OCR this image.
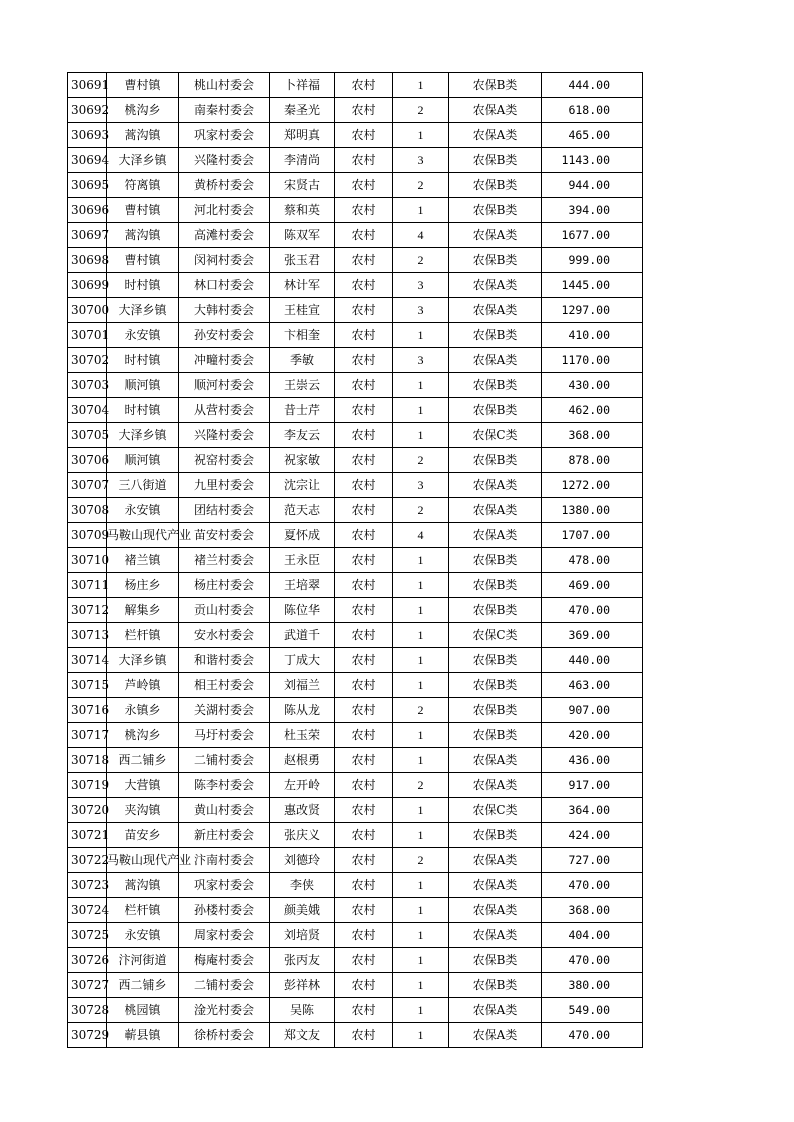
30691	曹村镇	桃山村委会	卜祥福	农村	1	农保B类	444.00
30692	桃沟乡	南秦村委会	秦圣光	农村	2	农保A类	618.00
30693	蒿沟镇	巩家村委会	郑明真	农村	1	农保A类	465.00
30694	大泽乡镇	兴隆村委会	李清尚	农村	3	农保B类	1143.00
30695	符离镇	黄桥村委会	宋贤古	农村	2	农保B类	944.00
30696	曹村镇	河北村委会	蔡和英	农村	1	农保B类	394.00
30697	蒿沟镇	高滩村委会	陈双军	农村	4	农保A类	1677.00
30698	曹村镇	闵祠村委会	张玉君	农村	2	农保B类	999.00
30699	时村镇	林口村委会	林计军	农村	3	农保A类	1445.00
30700	大泽乡镇	大韩村委会	王桂宣	农村	3	农保A类	1297.00
30701	永安镇	孙安村委会	卞相奎	农村	1	农保B类	410.00
30702	时村镇	冲疃村委会	季敏	农村	3	农保A类	1170.00
30703	顺河镇	顺河村委会	王崇云	农村	1	农保B类	430.00
30704	时村镇	从营村委会	昔士芹	农村	1	农保B类	462.00
30705	大泽乡镇	兴隆村委会	李友云	农村	1	农保C类	368.00
30706	顺河镇	祝窑村委会	祝家敏	农村	2	农保B类	878.00
30707	三八街道	九里村委会	沈宗让	农村	3	农保A类	1272.00
30708	永安镇	团结村委会	范天志	农村	2	农保A类	1380.00
30709	马鞍山现代产业	苗安村委会	夏怀成	农村	4	农保A类	1707.00
30710	褚兰镇	褚兰村委会	王永臣	农村	1	农保B类	478.00
30711	杨庄乡	杨庄村委会	王培翠	农村	1	农保B类	469.00
30712	解集乡	贡山村委会	陈位华	农村	1	农保B类	470.00
30713	栏杆镇	安水村委会	武道千	农村	1	农保C类	369.00
30714	大泽乡镇	和谐村委会	丁成大	农村	1	农保B类	440.00
30715	芦岭镇	相王村委会	刘福兰	农村	1	农保B类	463.00
30716	永镇乡	关湖村委会	陈从龙	农村	2	农保B类	907.00
30717	桃沟乡	马圩村委会	杜玉荣	农村	1	农保B类	420.00
30718	西二铺乡	二铺村委会	赵根勇	农村	1	农保A类	436.00
30719	大营镇	陈李村委会	左开岭	农村	2	农保A类	917.00
30720	夹沟镇	黄山村委会	惠改贤	农村	1	农保C类	364.00
30721	苗安乡	新庄村委会	张庆义	农村	1	农保B类	424.00
30722	马鞍山现代产业	汴南村委会	刘德玲	农村	2	农保A类	727.00
30723	蒿沟镇	巩家村委会	李侠	农村	1	农保A类	470.00
30724	栏杆镇	孙楼村委会	颜美娥	农村	1	农保A类	368.00
30725	永安镇	周家村委会	刘培贤	农村	1	农保A类	404.00
30726	汴河街道	梅庵村委会	张丙友	农村	1	农保B类	470.00
30727	西二铺乡	二铺村委会	彭祥林	农村	1	农保B类	380.00
30728	桃园镇	淦光村委会	吴陈	农村	1	农保A类	549.00
30729	蕲县镇	徐桥村委会	郑文友	农村	1	农保A类	470.00
